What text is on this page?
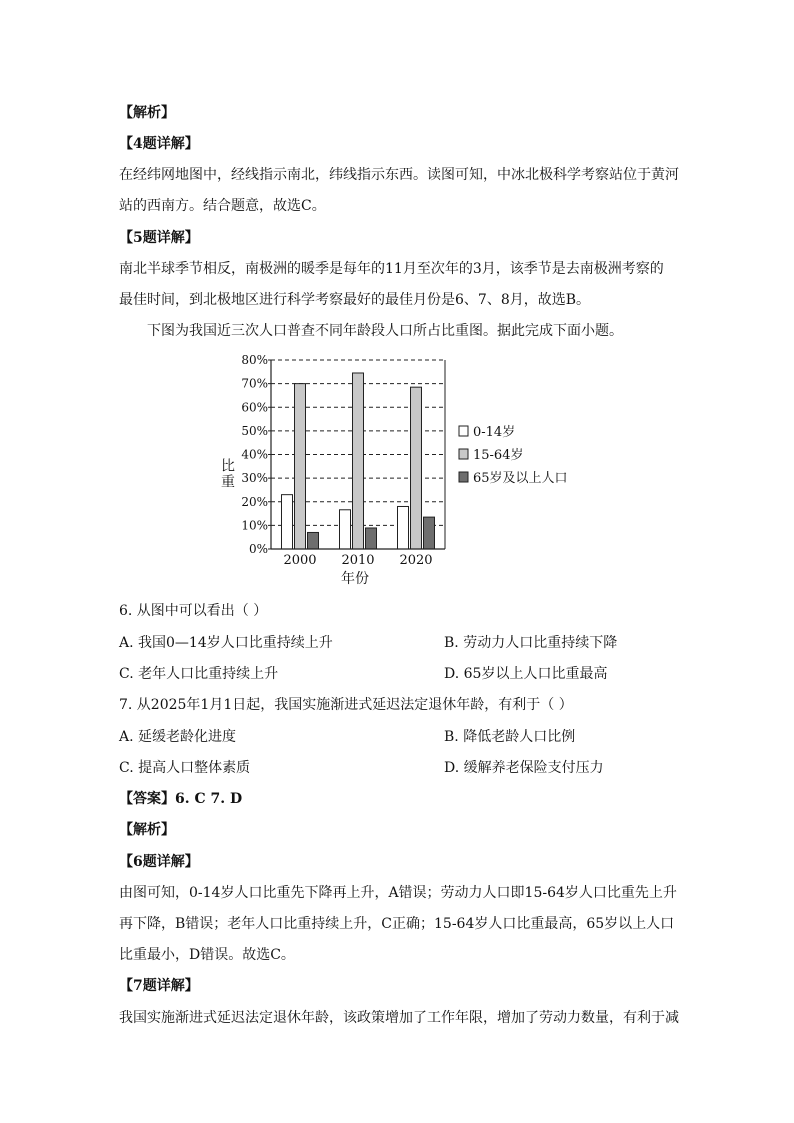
【解析】
【4题详解】
在经纬网地图中，经线指示南北，纬线指示东西。读图可知，中冰北极科学考察站位于黄河
站的西南方。结合题意，故选C。
【5题详解】
南北半球季节相反，南极洲的暖季是每年的11月至次年的3月，该季节是去南极洲考察的
最佳时间，到北极地区进行科学考察最好的最佳月份是6、7、8月，故选B。
下图为我国近三次人口普查不同年龄段人口所占比重图。据此完成下面小题。
0%
10%
20%
30%
40%
50%
60%
70%
80%
2000 2010 2020
比重
年份
0-14岁
15-64岁
65岁及以上人口
6. 从图中可以看出（ ）
A. 我国0—14岁人口比重持续上升	B. 劳动力人口比重持续下降
C. 老年人口比重持续上升	D. 65岁以上人口比重最高
7. 从2025年1月1日起，我国实施渐进式延迟法定退休年龄，有利于（ ）
A. 延缓老龄化进度	B. 降低老龄人口比例
C. 提高人口整体素质	D. 缓解养老保险支付压力
【答案】6. C 7. D
【解析】
【6题详解】
由图可知，0-14岁人口比重先下降再上升，A错误；劳动力人口即15-64岁人口比重先上升
再下降，B错误；老年人口比重持续上升，C正确；15-64岁人口比重最高，65岁以上人口
比重最小，D错误。故选C。
【7题详解】
我国实施渐进式延迟法定退休年龄，该政策增加了工作年限，增加了劳动力数量，有利于减
